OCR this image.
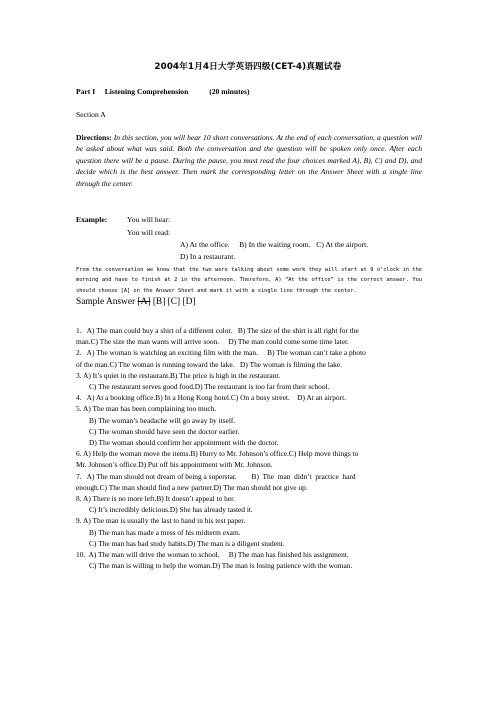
2004年1月4日大学英语四级(CET-4)真题试卷
Part I Listening Comprehension	(20 minutes)
Section A
Directions: In this section, you will hear 10 short conversations. At the end of each conversation, a question will be asked about what was said. Both the conversation and the question will be spoken only once. After each question there will be a pause. During the pause, you must read the four choices marked A), B), C) and D), and decide which is the best answer. Then mark the corresponding letter on the Answer Sheet with a single line through the center.
Example:	You will hear:
You will read:
A) At the office.     B) In the waiting room.   C) At the airport.
D) In a restaurant.
From the conversation we know that the two were talking about some work they will start at 9 o’clock in the morning and have to finish at 2 in the afternoon. Therefore, A) “At the office” is the correct answer. You should choose [A] on the Answer Sheet and mark it with a single line through the center.
Sample Answer [A] [B] [C] [D]
1.   A) The man could buy a shirt of a different color.   B) The size of the shirt is all right for the
man.C) The size the man wants will arrive soon.     D) The man could come some time later.
2.   A) The woman is watching an exciting film with the man.     B) The woman can’t take a photo
of the man.C) The woman is running toward the lake.   D) The woman is filming the lake.
3. A) It’s quiet in the restaurant.B) The price is high in the restaurant.
C) The restaurant serves good food.D) The restaurant is too far from their school.
4.   A) At a booking office.B) In a Hong Kong hotel.C) On a busy street.    D) At an airport.
5. A) The man has been complaining too much.
B) The woman’s headache will go away by itself.
C) The woman should have seen the doctor earlier.
D) The woman should confirm her appointment with the doctor.
6. A) Help the woman move the items.B) Hurry to Mr. Johnson’s office.C) Help move things to
Mr. Johnson’s office.D) Put off his appointment with Mr. Johnson.
7.   A) The man should not dream of being a superstar.        B)  The  man  didn’t  practice  hard
enough.C) The man should find a new partner.D) The man should not give up.
8. A) There is no more left.B) It doesn’t appeal to her.
C) It’s incredibly delicious.D) She has already tasted it.
9. A) The man is usually the last to hand in his test paper.
B) The man has made a mess of his midterm exam.
C) The man has bad study habits.D) The man is a diligent student.
10.  A) The man will drive the woman to school.     B) The man has finished his assignment.
C) The man is willing to help the woman.D) The man is losing patience with the woman.
